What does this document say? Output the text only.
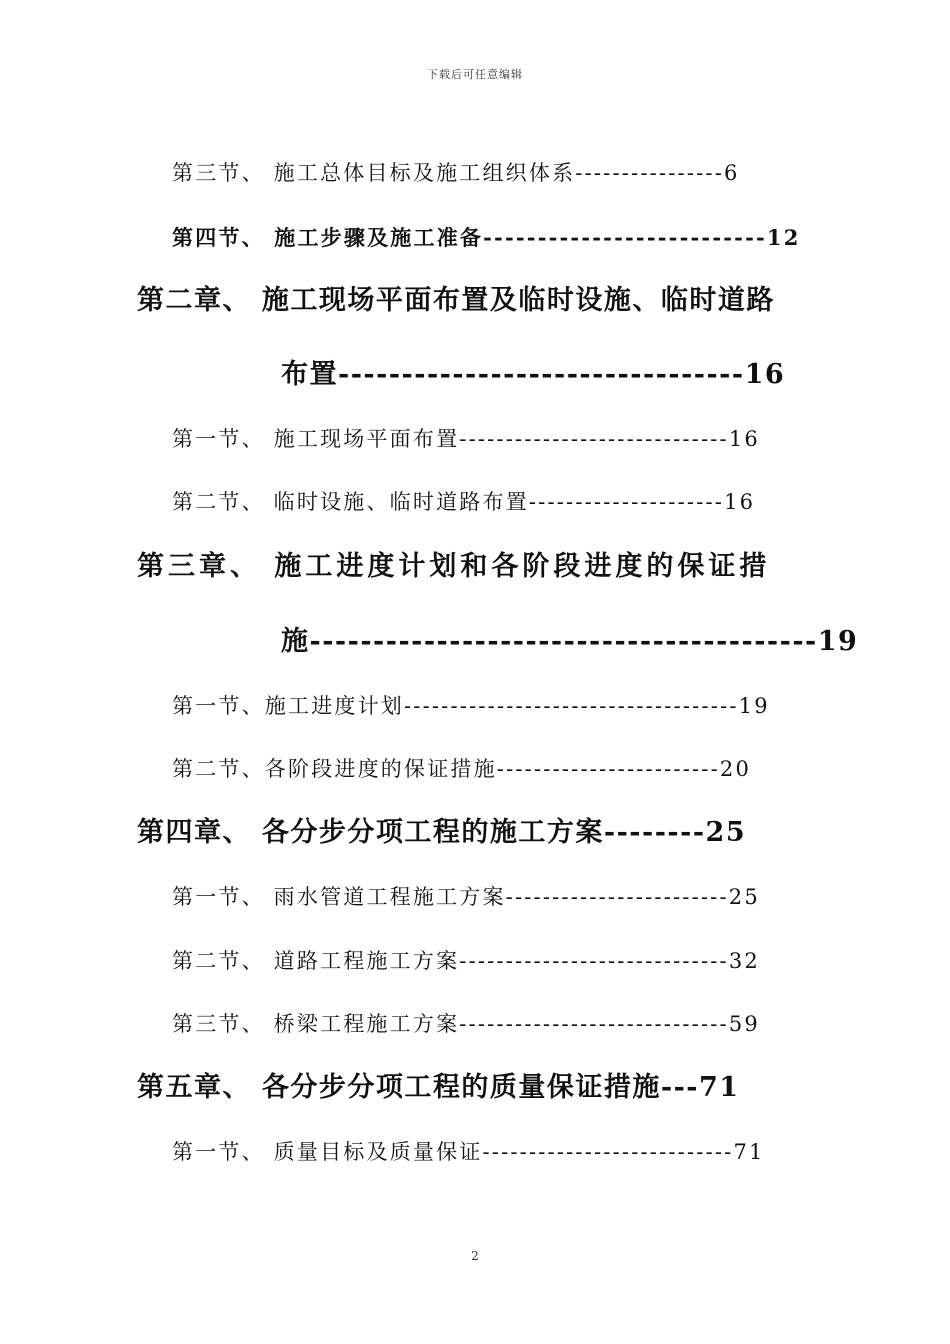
下载后可任意编辑
第三节、 施工总体目标及施工组织体系----------------6
第四节、 施工步骤及施工准备--------------------------12
第二章、 施工现场平面布置及临时设施、临时道路
布置--------------------------------16
第一节、 施工现场平面布置-----------------------------16
第二节、 临时设施、临时道路布置---------------------16
第三章、 施工进度计划和各阶段进度的保证措
施----------------------------------------19
第一节、施工进度计划------------------------------------19
第二节、各阶段进度的保证措施------------------------20
第四章、 各分步分项工程的施工方案--------25
第一节、 雨水管道工程施工方案------------------------25
第二节、 道路工程施工方案-----------------------------32
第三节、 桥梁工程施工方案-----------------------------59
第五章、 各分步分项工程的质量保证措施---71
第一节、 质量目标及质量保证---------------------------71
2
